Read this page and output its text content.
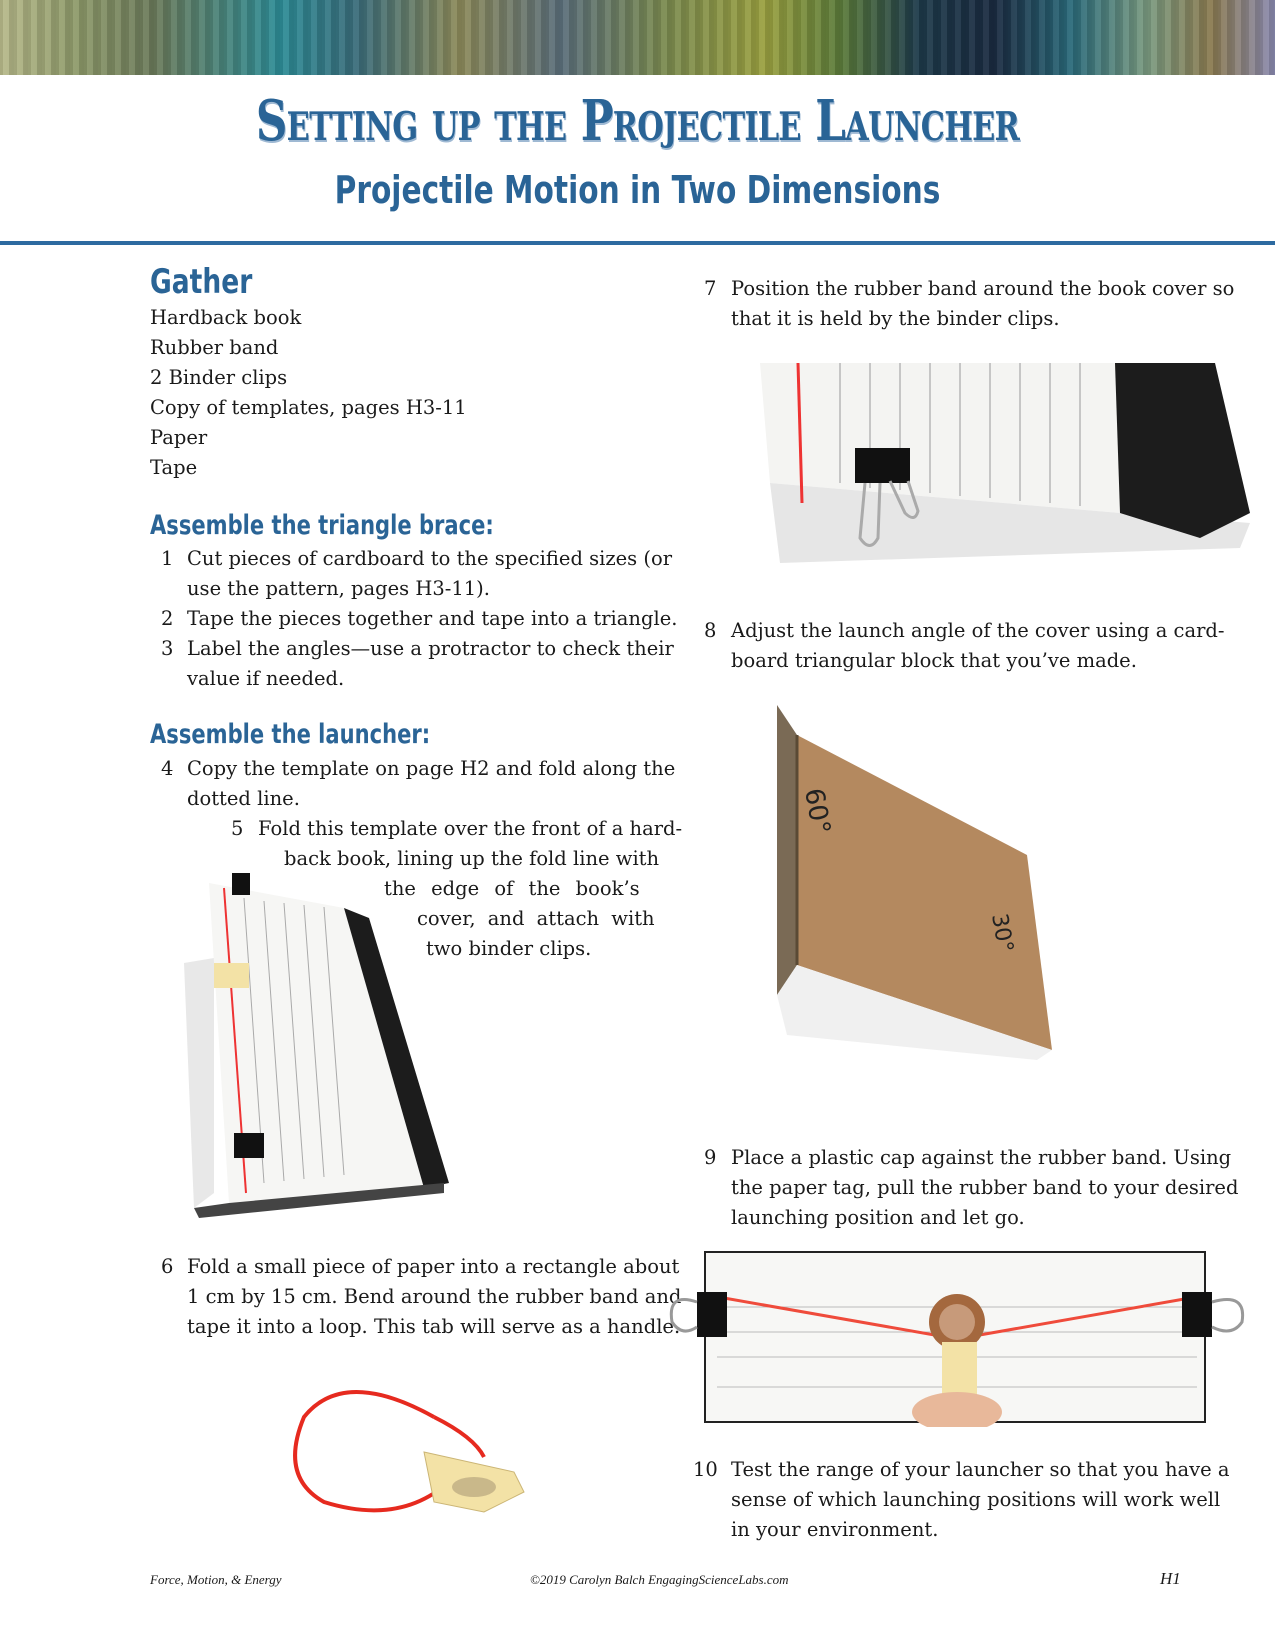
Setting up the Projectile Launcher
Projectile Motion in Two Dimensions
Gather
Hardback book
Rubber band
2 Binder clips
Copy of templates, pages H3-11
Paper
Tape
Assemble the triangle brace:
1 Cut pieces of cardboard to the specified sizes (or
use the pattern, pages H3-11).
2 Tape the pieces together and tape into a triangle.
3 Label the angles—use a protractor to check their
value if needed.
Assemble the launcher:
4 Copy the template on page H2 and fold along the
dotted line.
5 Fold this template over the front of a hard-
back book, lining up the fold line with
the edge of the book’s
cover, and attach with
two binder clips.
6 Fold a small piece of paper into a rectangle about
1 cm by 15 cm. Bend around the rubber band and
tape it into a loop. This tab will serve as a handle.
7 Position the rubber band around the book cover so
that it is held by the binder clips.
8 Adjust the launch angle of the cover using a card-
board triangular block that you’ve made.
9 Place a plastic cap against the rubber band. Using
the paper tag, pull the rubber band to your desired
launching position and let go.
10 Test the range of your launcher so that you have a
sense of which launching positions will work well
in your environment.
60°
30°
Force, Motion, & Energy	©2019 Carolyn Balch EngagingScienceLabs.com	H1
